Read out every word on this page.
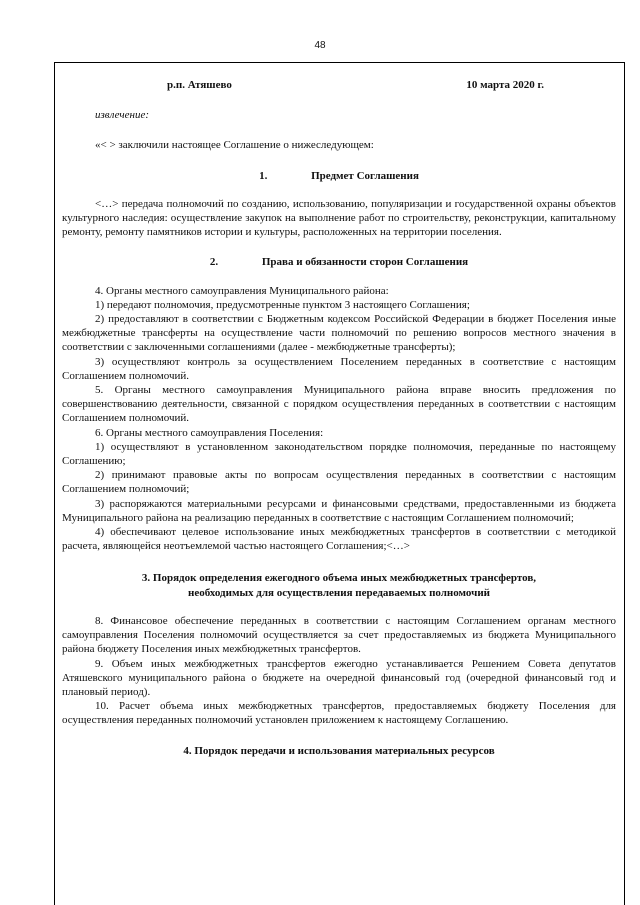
48
р.п. Атяшево	10 марта 2020 г.
извлечение:
«< > заключили настоящее Соглашение о нижеследующем:
1.	Предмет Соглашения

<…> передача полномочий по созданию, использованию, популяризации и государственной охраны объектов культурного наследия: осуществление закупок на выполнение работ по строительству, реконструкции, капитальному ремонту, ремонту памятников истории и культуры, расположенных на территории поселения.

2.	Права и обязанности сторон Соглашения

4. Органы местного самоуправления Муниципального района:

1) передают полномочия, предусмотренные пунктом 3 настоящего Соглашения;

2) предоставляют в соответствии с Бюджетным кодексом Российской Федерации в бюджет Поселения иные межбюджетные трансферты на осуществление части полномочий по решению вопросов местного значения в соответствии с заключенными соглашениями (далее - межбюджетные трансферты);

3) осуществляют контроль за осуществлением Поселением переданных в соответствие с настоящим Соглашением полномочий.

5. Органы местного самоуправления Муниципального района вправе вносить предложения по совершенствованию деятельности, связанной с порядком осуществления переданных в соответствии с настоящим Соглашением полномочий.

6. Органы местного самоуправления Поселения:

1) осуществляют в установленном законодательством порядке полномочия, переданные по настоящему Соглашению;

2) принимают правовые акты по вопросам осуществления переданных в соответствии с настоящим Соглашением полномочий;

3) распоряжаются материальными ресурсами и финансовыми средствами, предоставленными из бюджета Муниципального района на реализацию переданных в соответствие с настоящим Соглашением полномочий;

4) обеспечивают целевое использование иных межбюджетных трансфертов в соответствии с методикой расчета, являющейся неотъемлемой частью настоящего Соглашения;<…>

3. Порядок определения ежегодного объема иных межбюджетных трансфертов,
необходимых для осуществления передаваемых полномочий

8. Финансовое обеспечение переданных в соответствии с настоящим Соглашением органам местного самоуправления Поселения полномочий осуществляется за счет предоставляемых из бюджета Муниципального района бюджету Поселения иных межбюджетных трансфертов.

9. Объем иных межбюджетных трансфертов ежегодно устанавливается Решением Совета депутатов Атяшевского муниципального района о бюджете на очередной финансовый год (очередной финансовый год и плановый период).

10. Расчет объема иных межбюджетных трансфертов, предоставляемых бюджету Поселения для осуществления переданных полномочий установлен приложением к настоящему Соглашению.

4. Порядок передачи и использования материальных ресурсов
